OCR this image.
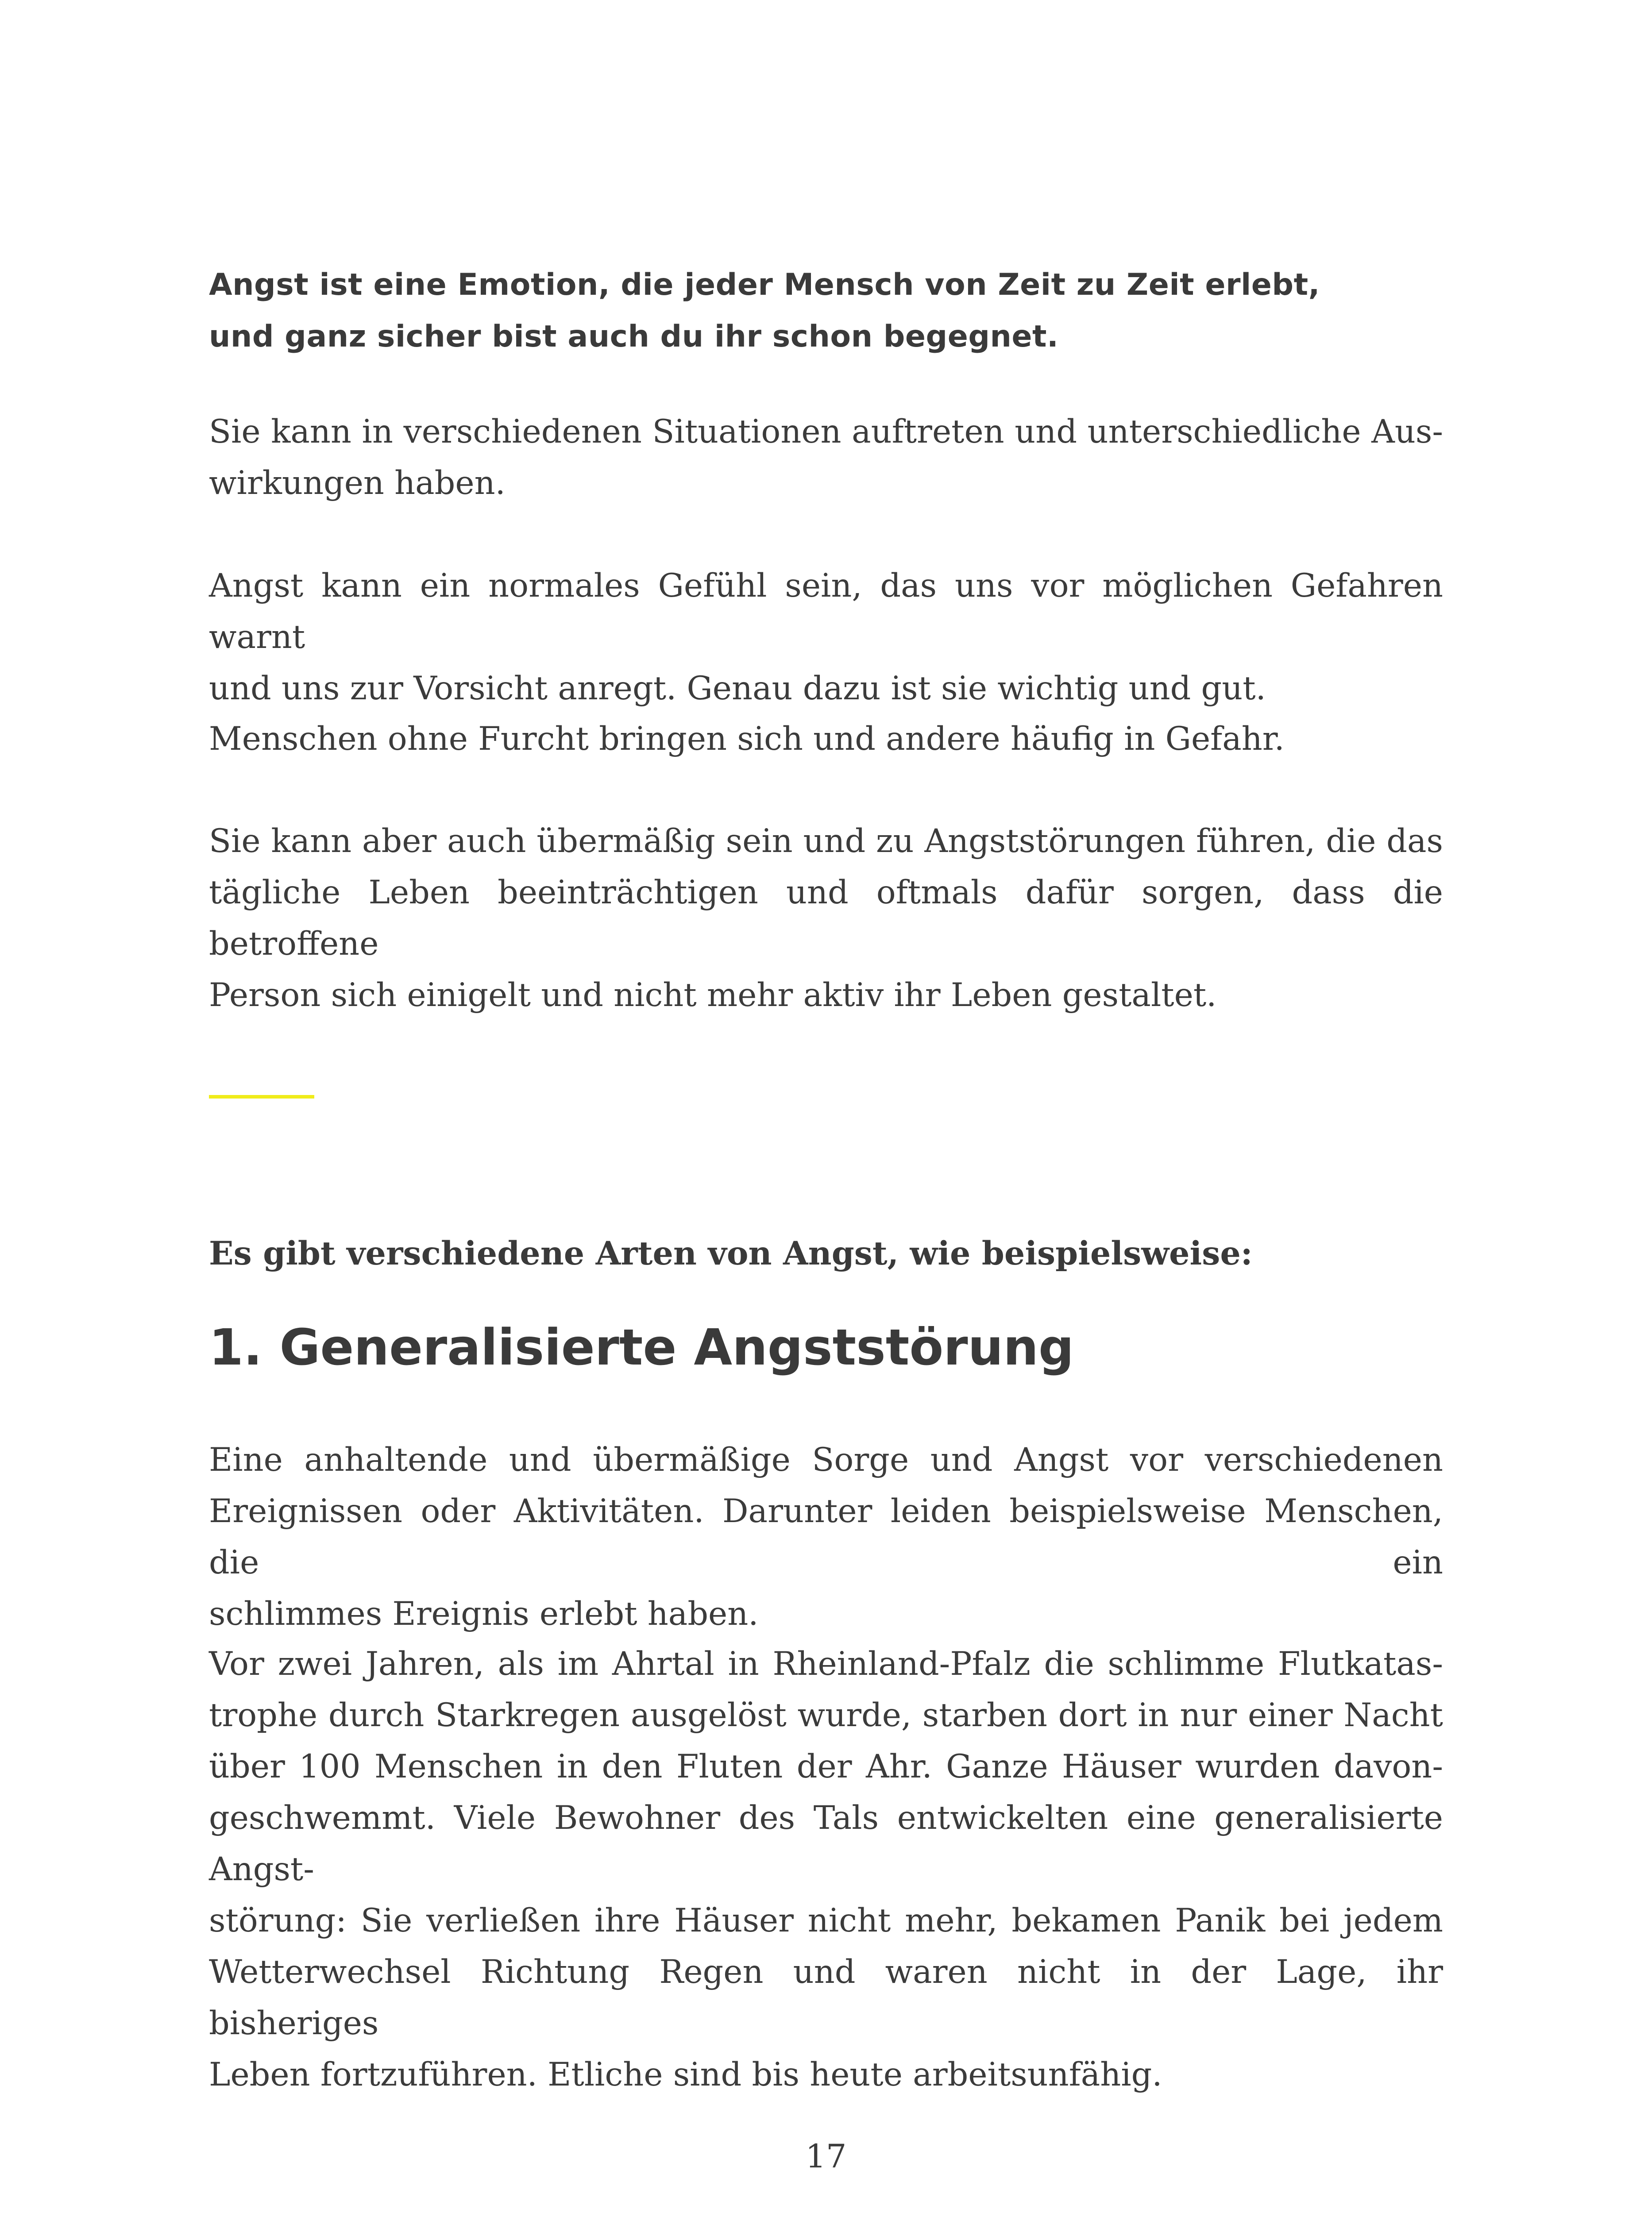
Angst ist eine Emotion, die jeder Mensch von Zeit zu Zeit erlebt,
und ganz sicher bist auch du ihr schon begegnet.

Sie kann in verschiedenen Situationen auftreten und unterschiedliche Aus-
wirkungen haben.

Angst kann ein normales Gefühl sein, das uns vor möglichen Gefahren warnt
und uns zur Vorsicht anregt. Genau dazu ist sie wichtig und gut.

Menschen ohne Furcht bringen sich und andere häufig in Gefahr.

Sie kann aber auch übermäßig sein und zu Angststörungen führen, die das
tägliche Leben beeinträchtigen und oftmals dafür sorgen, dass die betroffene
Person sich einigelt und nicht mehr aktiv ihr Leben gestaltet.

Es gibt verschiedene Arten von Angst, wie beispielsweise:

1. Generalisierte Angststörung

Eine anhaltende und übermäßige Sorge und Angst vor verschiedenen
Ereignissen oder Aktivitäten. Darunter leiden beispielsweise Menschen, die ein
schlimmes Ereignis erlebt haben.

Vor zwei Jahren, als im Ahrtal in Rheinland-Pfalz die schlimme Flutkatas-
trophe durch Starkregen ausgelöst wurde, starben dort in nur einer Nacht
über 100 Menschen in den Fluten der Ahr. Ganze Häuser wurden davon-
geschwemmt. Viele Bewohner des Tals entwickelten eine generalisierte Angst-
störung: Sie verließen ihre Häuser nicht mehr, bekamen Panik bei jedem
Wetterwechsel Richtung Regen und waren nicht in der Lage, ihr bisheriges
Leben fortzuführen. Etliche sind bis heute arbeitsunfähig.

17
